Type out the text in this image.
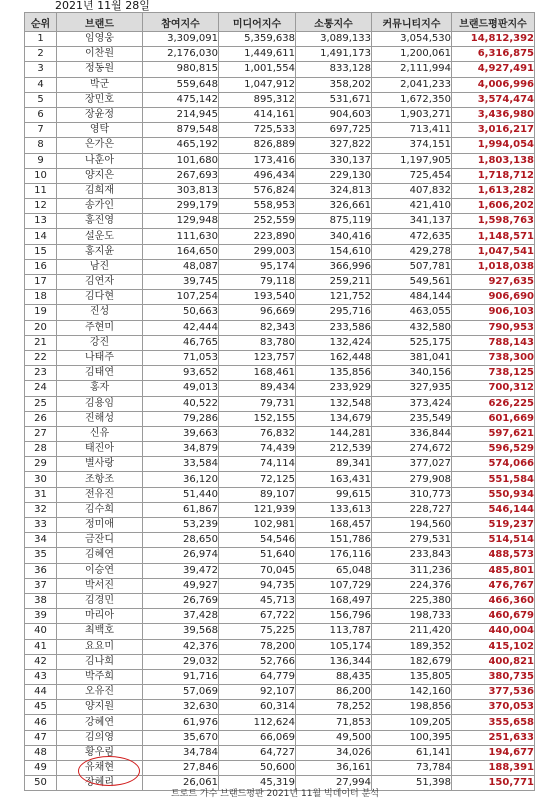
2021년 11월 28일
순위	브랜드	참여지수	미디어지수	소통지수	커뮤니티지수	브랜드평판지수
1	임영웅	3,309,091	5,359,638	3,089,133	3,054,530	14,812,392
2	이찬원	2,176,030	1,449,611	1,491,173	1,200,061	6,316,875
3	정동원	980,815	1,001,554	833,128	2,111,994	4,927,491
4	박군	559,648	1,047,912	358,202	2,041,233	4,006,996
5	장민호	475,142	895,312	531,671	1,672,350	3,574,474
6	장윤정	214,945	414,161	904,603	1,903,271	3,436,980
7	영탁	879,548	725,533	697,725	713,411	3,016,217
8	은가은	465,192	826,889	327,822	374,151	1,994,054
9	나훈아	101,680	173,416	330,137	1,197,905	1,803,138
10	양지은	267,693	496,434	229,130	725,454	1,718,712
11	김희재	303,813	576,824	324,813	407,832	1,613,282
12	송가인	299,179	558,953	326,661	421,410	1,606,202
13	홍진영	129,948	252,559	875,119	341,137	1,598,763
14	설운도	111,630	223,890	340,416	472,635	1,148,571
15	홍지윤	164,650	299,003	154,610	429,278	1,047,541
16	남진	48,087	95,174	366,996	507,781	1,018,038
17	김연자	39,745	79,118	259,211	549,561	927,635
18	김다현	107,254	193,540	121,752	484,144	906,690
19	진성	50,663	96,669	295,716	463,055	906,103
20	주현미	42,444	82,343	233,586	432,580	790,953
21	강진	46,765	83,780	132,424	525,175	788,143
22	나태주	71,053	123,757	162,448	381,041	738,300
23	김태연	93,652	168,461	135,856	340,156	738,125
24	홍자	49,013	89,434	233,929	327,935	700,312
25	김용임	40,522	79,731	132,548	373,424	626,225
26	진해성	79,286	152,155	134,679	235,549	601,669
27	신유	39,663	76,832	144,281	336,844	597,621
28	태진아	34,879	74,439	212,539	274,672	596,529
29	별사랑	33,584	74,114	89,341	377,027	574,066
30	조항조	36,120	72,125	163,431	279,908	551,584
31	전유진	51,440	89,107	99,615	310,773	550,934
32	김수희	61,867	121,939	133,613	228,727	546,144
33	정미애	53,239	102,981	168,457	194,560	519,237
34	금잔디	28,650	54,546	151,786	279,531	514,514
35	김혜연	26,974	51,640	176,116	233,843	488,573
36	이승연	39,472	70,045	65,048	311,236	485,801
37	박서진	49,927	94,735	107,729	224,376	476,767
38	김경민	26,769	45,713	168,497	225,380	466,360
39	마리아	37,428	67,722	156,796	198,733	460,679
40	최백호	39,568	75,225	113,787	211,420	440,004
41	요요미	42,376	78,200	105,174	189,352	415,102
42	김나희	29,032	52,766	136,344	182,679	400,821
43	박주희	91,716	64,779	88,435	135,805	380,735
44	오유진	57,069	92,107	86,200	142,160	377,536
45	양지원	32,630	60,314	78,252	198,856	370,053
46	강혜연	61,976	112,624	71,853	109,205	355,658
47	김의영	35,670	66,069	49,500	100,395	251,633
48	황우림	34,784	64,727	34,026	61,141	194,677
49	유채현	27,846	50,600	36,161	73,784	188,391
50	장혜리	26,061	45,319	27,994	51,398	150,771
트로트 가수 브랜드평판 2021년 11월 빅데이터 분석
